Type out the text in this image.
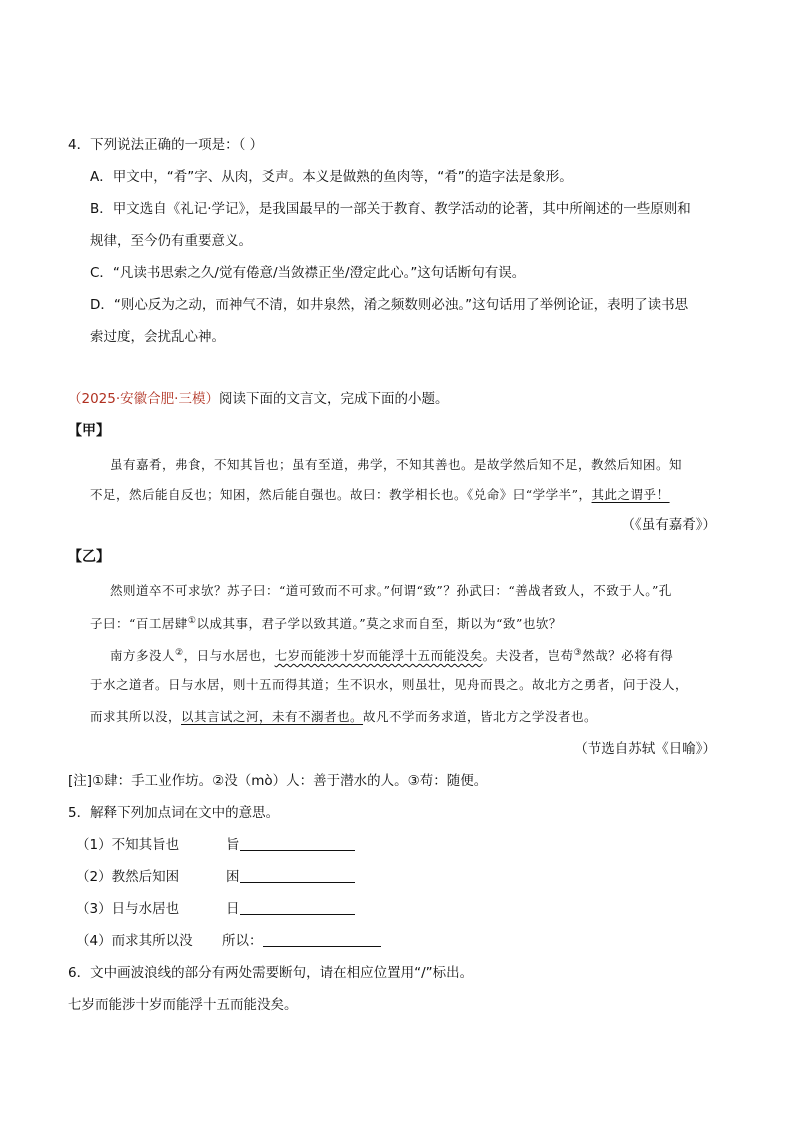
4．下列说法正确的一项是：（ ）
A．甲文中，“肴”字、从肉，爻声。本义是做熟的鱼肉等，“肴”的造字法是象形。
B．甲文选自《礼记·学记》，是我国最早的一部关于教育、教学活动的论著，其中所阐述的一些原则和
规律，至今仍有重要意义。
C．“凡读书思索之久/觉有倦意/当敛襟正坐/澄定此心。”这句话断句有误。
D．“则心反为之动，而神气不清，如井泉然，淆之频数则必浊。”这句话用了举例论证，表明了读书思
索过度，会扰乱心神。
（2025·安徽合肥·三模）阅读下面的文言文，完成下面的小题。
【甲】
虽有嘉肴，弗食，不知其旨也；虽有至道，弗学，不知其善也。是故学然后知不足，教然后知困。知
不足，然后能自反也；知困，然后能自强也。故曰：教学相长也。《兑命》曰“学学半”，其此之谓乎！
（《虽有嘉肴》）
【乙】
然则道卒不可求欤？苏子曰：“道可致而不可求。”何谓“致”？孙武曰：“善战者致人，不致于人。”孔
子曰：“百工居肆①以成其事，君子学以致其道。”莫之求而自至，斯以为“致”也欤？
南方多没人②，日与水居也，七岁而能涉十岁而能浮十五而能没矣。夫没者，岂苟③然哉？必将有得
于水之道者。日与水居，则十五而得其道；生不识水，则虽壮，见舟而畏之。故北方之勇者，问于没人，
而求其所以没，以其言试之河，未有不溺者也。故凡不学而务求道，皆北方之学没者也。
（节选自苏轼《日喻》）
[注]①肆：手工业作坊。②没（mò）人：善于潜水的人。③苟：随便。
5．解释下列加点词在文中的意思。
（1）不知其旨也	旨
（2）教然后知困	困
（3）日与水居也	日
（4）而求其所以没 所以：
6．文中画波浪线的部分有两处需要断句，请在相应位置用“/”标出。
七岁而能涉十岁而能浮十五而能没矣。
